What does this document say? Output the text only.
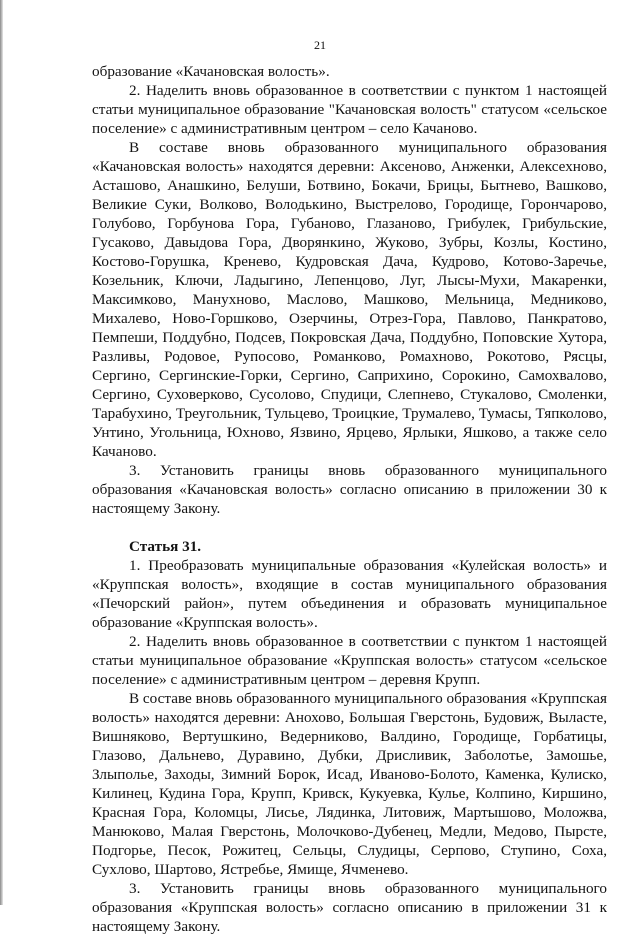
21

образование «Качановская волость».

2. Наделить вновь образованное в соответствии с пунктом 1 настоящей статьи муниципальное образование "Качановская волость" статусом «сельское поселение» с административным центром – село Качаново.

В составе вновь образованного муниципального образования «Качановская волость» находятся деревни: Аксеново, Анженки, Алексехново, Асташово, Анашкино, Белуши, Ботвино, Бокачи, Брицы, Бытнево, Вашково, Великие Суки, Волково, Володькино, Выстрелово, Городище, Горончарово, Голубово, Горбунова Гора, Губаново, Глазаново, Грибулек, Грибульские, Гусаково, Давыдова Гора, Дворянкино, Жуково, Зубры, Козлы, Костино, Костово-Горушка, Кренево, Кудровская Дача, Кудрово, Котово-Заречье, Козельник, Ключи, Ладыгино, Лепенцово, Луг, Лысы-Мухи, Макаренки, Максимково, Манухново, Маслово, Машково, Мельница, Медниково, Михалево, Ново-Горшково, Озерчины, Отрез-Гора, Павлово, Панкратово, Пемпеши, Поддубно, Подсев, Покровская Дача, Поддубно, Поповские Хутора, Разливы, Родовое, Рупосово, Романково, Ромахново, Рокотово, Рясцы, Сергино, Сергинские-Горки, Сергино, Саприхино, Сорокино, Самохвалово, Сергино, Суховерково, Сусолово, Спудици, Слепнево, Стукалово, Смоленки, Тарабухино, Треугольник, Тульцево, Троицкие, Трумалево, Тумасы, Тяпколово, Унтино, Угольница, Юхново, Язвино, Ярцево, Ярлыки, Яшково, а также село Качаново.

3. Установить границы вновь образованного муниципального образования «Качановская волость» согласно описанию в приложении 30 к настоящему Закону.

Статья 31.

1. Преобразовать муниципальные образования «Кулейская волость» и «Круппская волость», входящие в состав муниципального образования «Печорский район», путем объединения и образовать муниципальное образование «Круппская волость».

2. Наделить вновь образованное в соответствии с пунктом 1 настоящей статьи муниципальное образование «Круппская волость» статусом «сельское поселение» с административным центром – деревня Крупп.

В составе вновь образованного муниципального образования «Круппская волость» находятся деревни: Анохово, Большая Гверстонь, Будовиж, Выласте, Вишняково, Вертушкино, Ведерниково, Валдино, Городище, Горбатицы, Глазово, Дальнево, Дуравино, Дубки, Дрисливик, Заболотье, Замошье, Злыполье, Заходы, Зимний Борок, Исад, Ивановo-Болото, Каменка, Кулиско, Килинец, Кудина Гора, Крупп, Кривск, Кукуевка, Кулье, Колпино, Киршино, Красная Гора, Коломцы, Лисье, Лядинка, Литовиж, Мартышово, Моложва, Манюково, Малая Гверстонь, Молочково-Дубенец, Медли, Медово, Пырсте, Подгорье, Песок, Рожитец, Сельцы, Слудицы, Серпово, Ступино, Соха, Сухлово, Шартово, Ястребье, Ямище, Ячменево.

3. Установить границы вновь образованного муниципального образования «Круппская волость» согласно описанию в приложении 31 к настоящему Закону.
